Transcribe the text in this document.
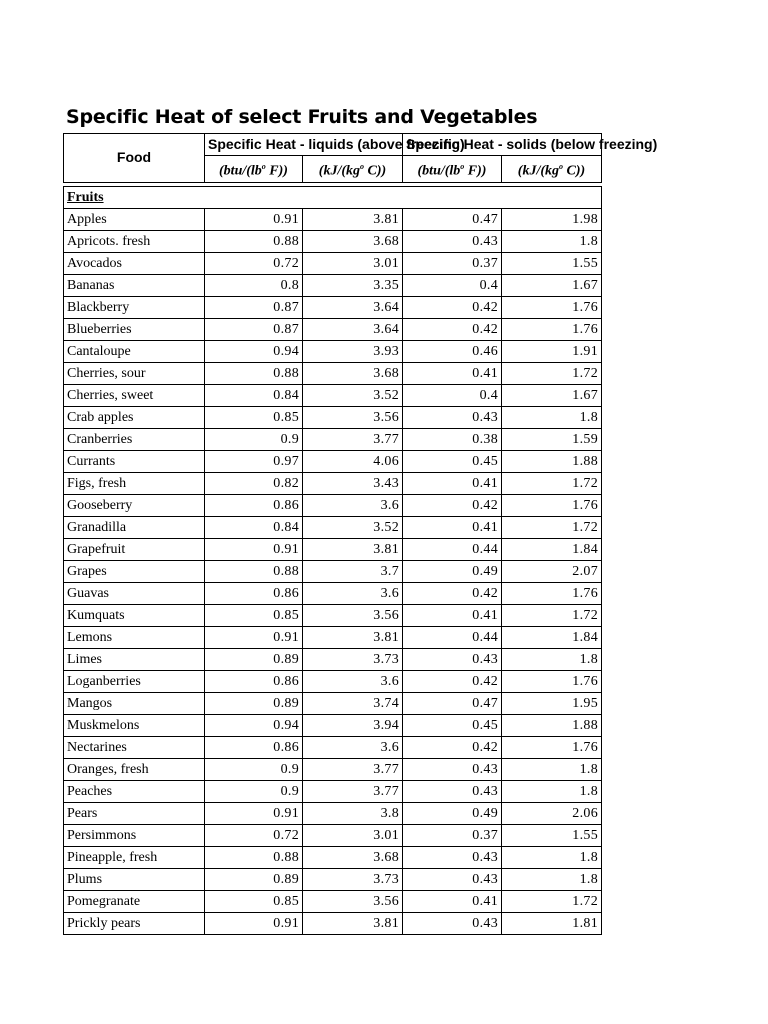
Specific Heat of select Fruits and Vegetables
Food	Specific Heat - liquids (above freezing)		Specific Heat - solids (below freezing)	
	($btu/(lb^o$ F))	($kJ/(kg^o$ C))	($btu/(lb^o$ F))	($kJ/(kg^o$ C))

Fruits				
Apples	0.91	3.81	0.47	1.98
Apricots. fresh	0.88	3.68	0.43	1.8
Avocados	0.72	3.01	0.37	1.55
Bananas	0.8	3.35	0.4	1.67
Blackberry	0.87	3.64	0.42	1.76
Blueberries	0.87	3.64	0.42	1.76
Cantaloupe	0.94	3.93	0.46	1.91
Cherries, sour	0.88	3.68	0.41	1.72
Cherries, sweet	0.84	3.52	0.4	1.67
Crab apples	0.85	3.56	0.43	1.8
Cranberries	0.9	3.77	0.38	1.59
Currants	0.97	4.06	0.45	1.88
Figs, fresh	0.82	3.43	0.41	1.72
Gooseberry	0.86	3.6	0.42	1.76
Granadilla	0.84	3.52	0.41	1.72
Grapefruit	0.91	3.81	0.44	1.84
Grapes	0.88	3.7	0.49	2.07
Guavas	0.86	3.6	0.42	1.76
Kumquats	0.85	3.56	0.41	1.72
Lemons	0.91	3.81	0.44	1.84
Limes	0.89	3.73	0.43	1.8
Loganberries	0.86	3.6	0.42	1.76
Mangos	0.89	3.74	0.47	1.95
Muskmelons	0.94	3.94	0.45	1.88
Nectarines	0.86	3.6	0.42	1.76
Oranges, fresh	0.9	3.77	0.43	1.8
Peaches	0.9	3.77	0.43	1.8
Pears	0.91	3.8	0.49	2.06
Persimmons	0.72	3.01	0.37	1.55
Pineapple, fresh	0.88	3.68	0.43	1.8
Plums	0.89	3.73	0.43	1.8
Pomegranate	0.85	3.56	0.41	1.72
Prickly pears	0.91	3.81	0.43	1.81
